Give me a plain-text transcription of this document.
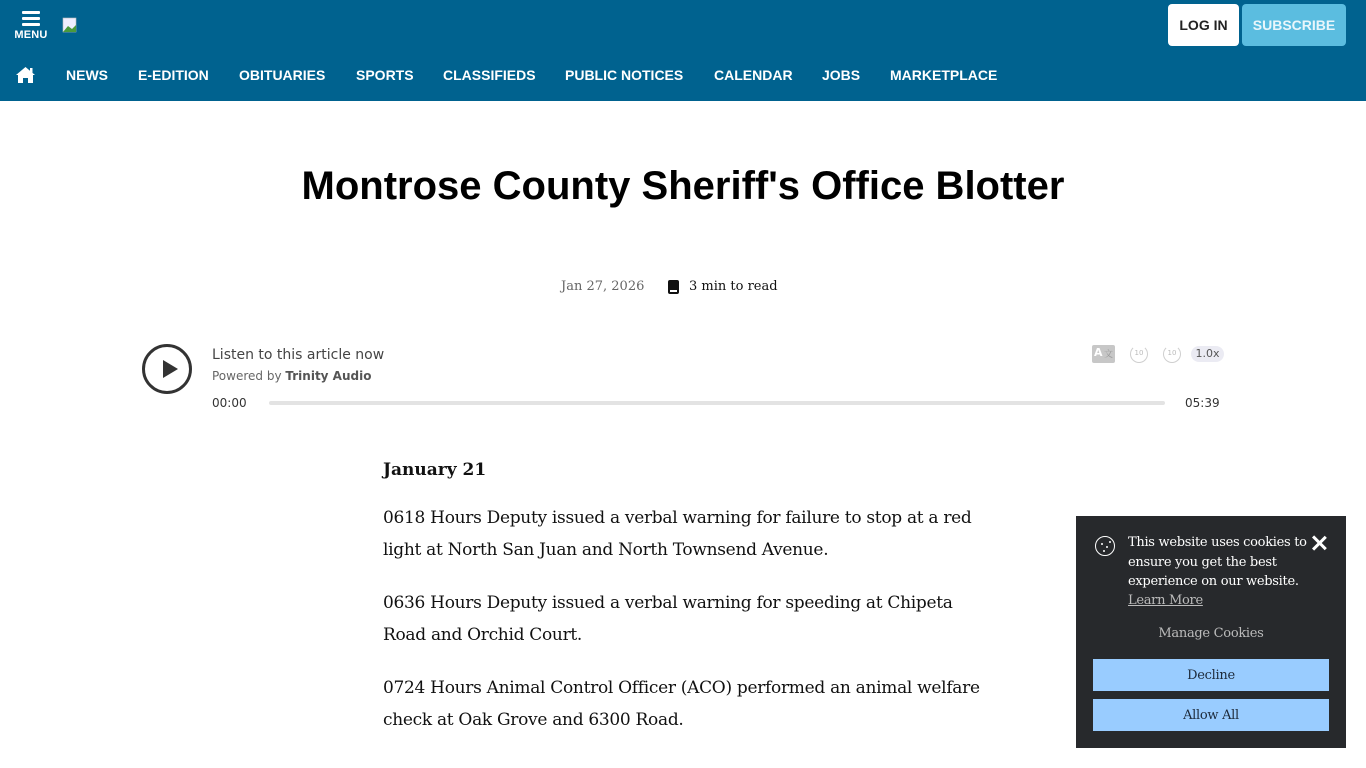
MENU
LOG IN	SUBSCRIBE
NEWS E-EDITION OBITUARIES SPORTS CLASSIFIEDS PUBLIC NOTICES CALENDAR JOBS MARKETPLACE
Montrose County Sheriff's Office Blotter
Jan 27, 2026	3 min to read
Listen to this article now
Powered by Trinity Audio
00:00	05:39
A 文
10	10	1.0x
January 21

0618 Hours Deputy issued a verbal warning for failure to stop at a red light at North San Juan and North Townsend Avenue.

0636 Hours Deputy issued a verbal warning for speeding at Chipeta Road and Orchid Court.

0724 Hours Animal Control Officer (ACO) performed an animal welfare check at Oak Grove and 6300 Road.

This website uses cookies to ensure you get the best experience on our website.
Learn More
Manage Cookies
Decline
Allow All
